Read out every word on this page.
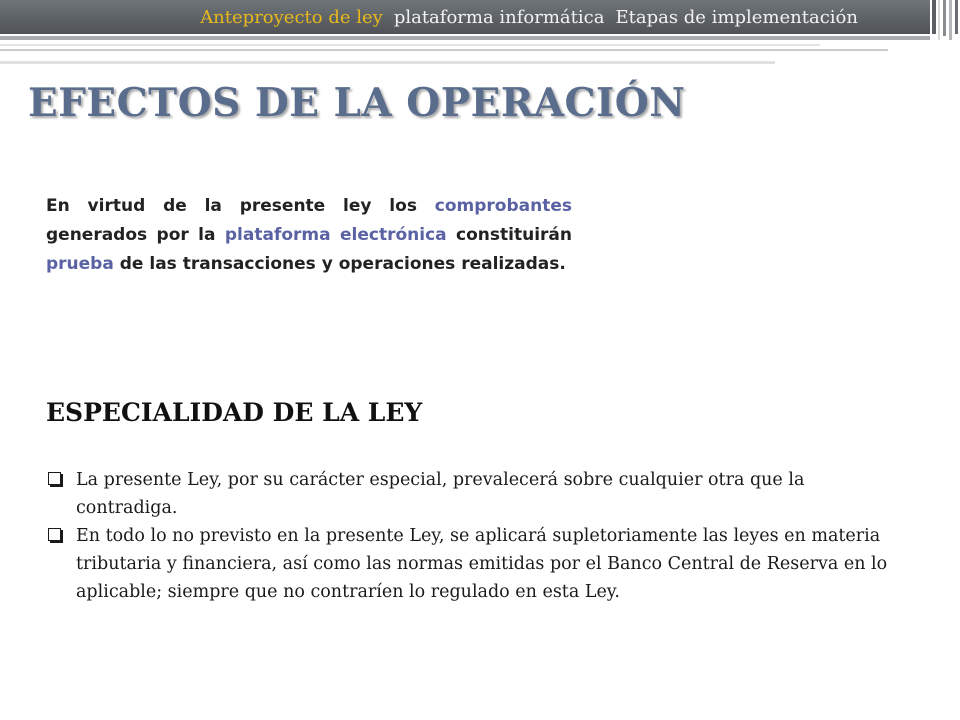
Anteproyecto de ley plataforma informática Etapas de implementación
EFECTOS DE LA OPERACIÓN
En virtud de la presente ley los comprobantes generados por la plataforma electrónica constituirán prueba de las transacciones y operaciones realizadas.
ESPECIALIDAD DE LA LEY
La presente Ley, por su carácter especial, prevalecerá sobre cualquier otra que la contradiga.
En todo lo no previsto en la presente Ley, se aplicará supletoriamente las leyes en materia tributaria y financiera, así como las normas emitidas por el Banco Central de Reserva en lo aplicable; siempre que no contraríen lo regulado en esta Ley.
